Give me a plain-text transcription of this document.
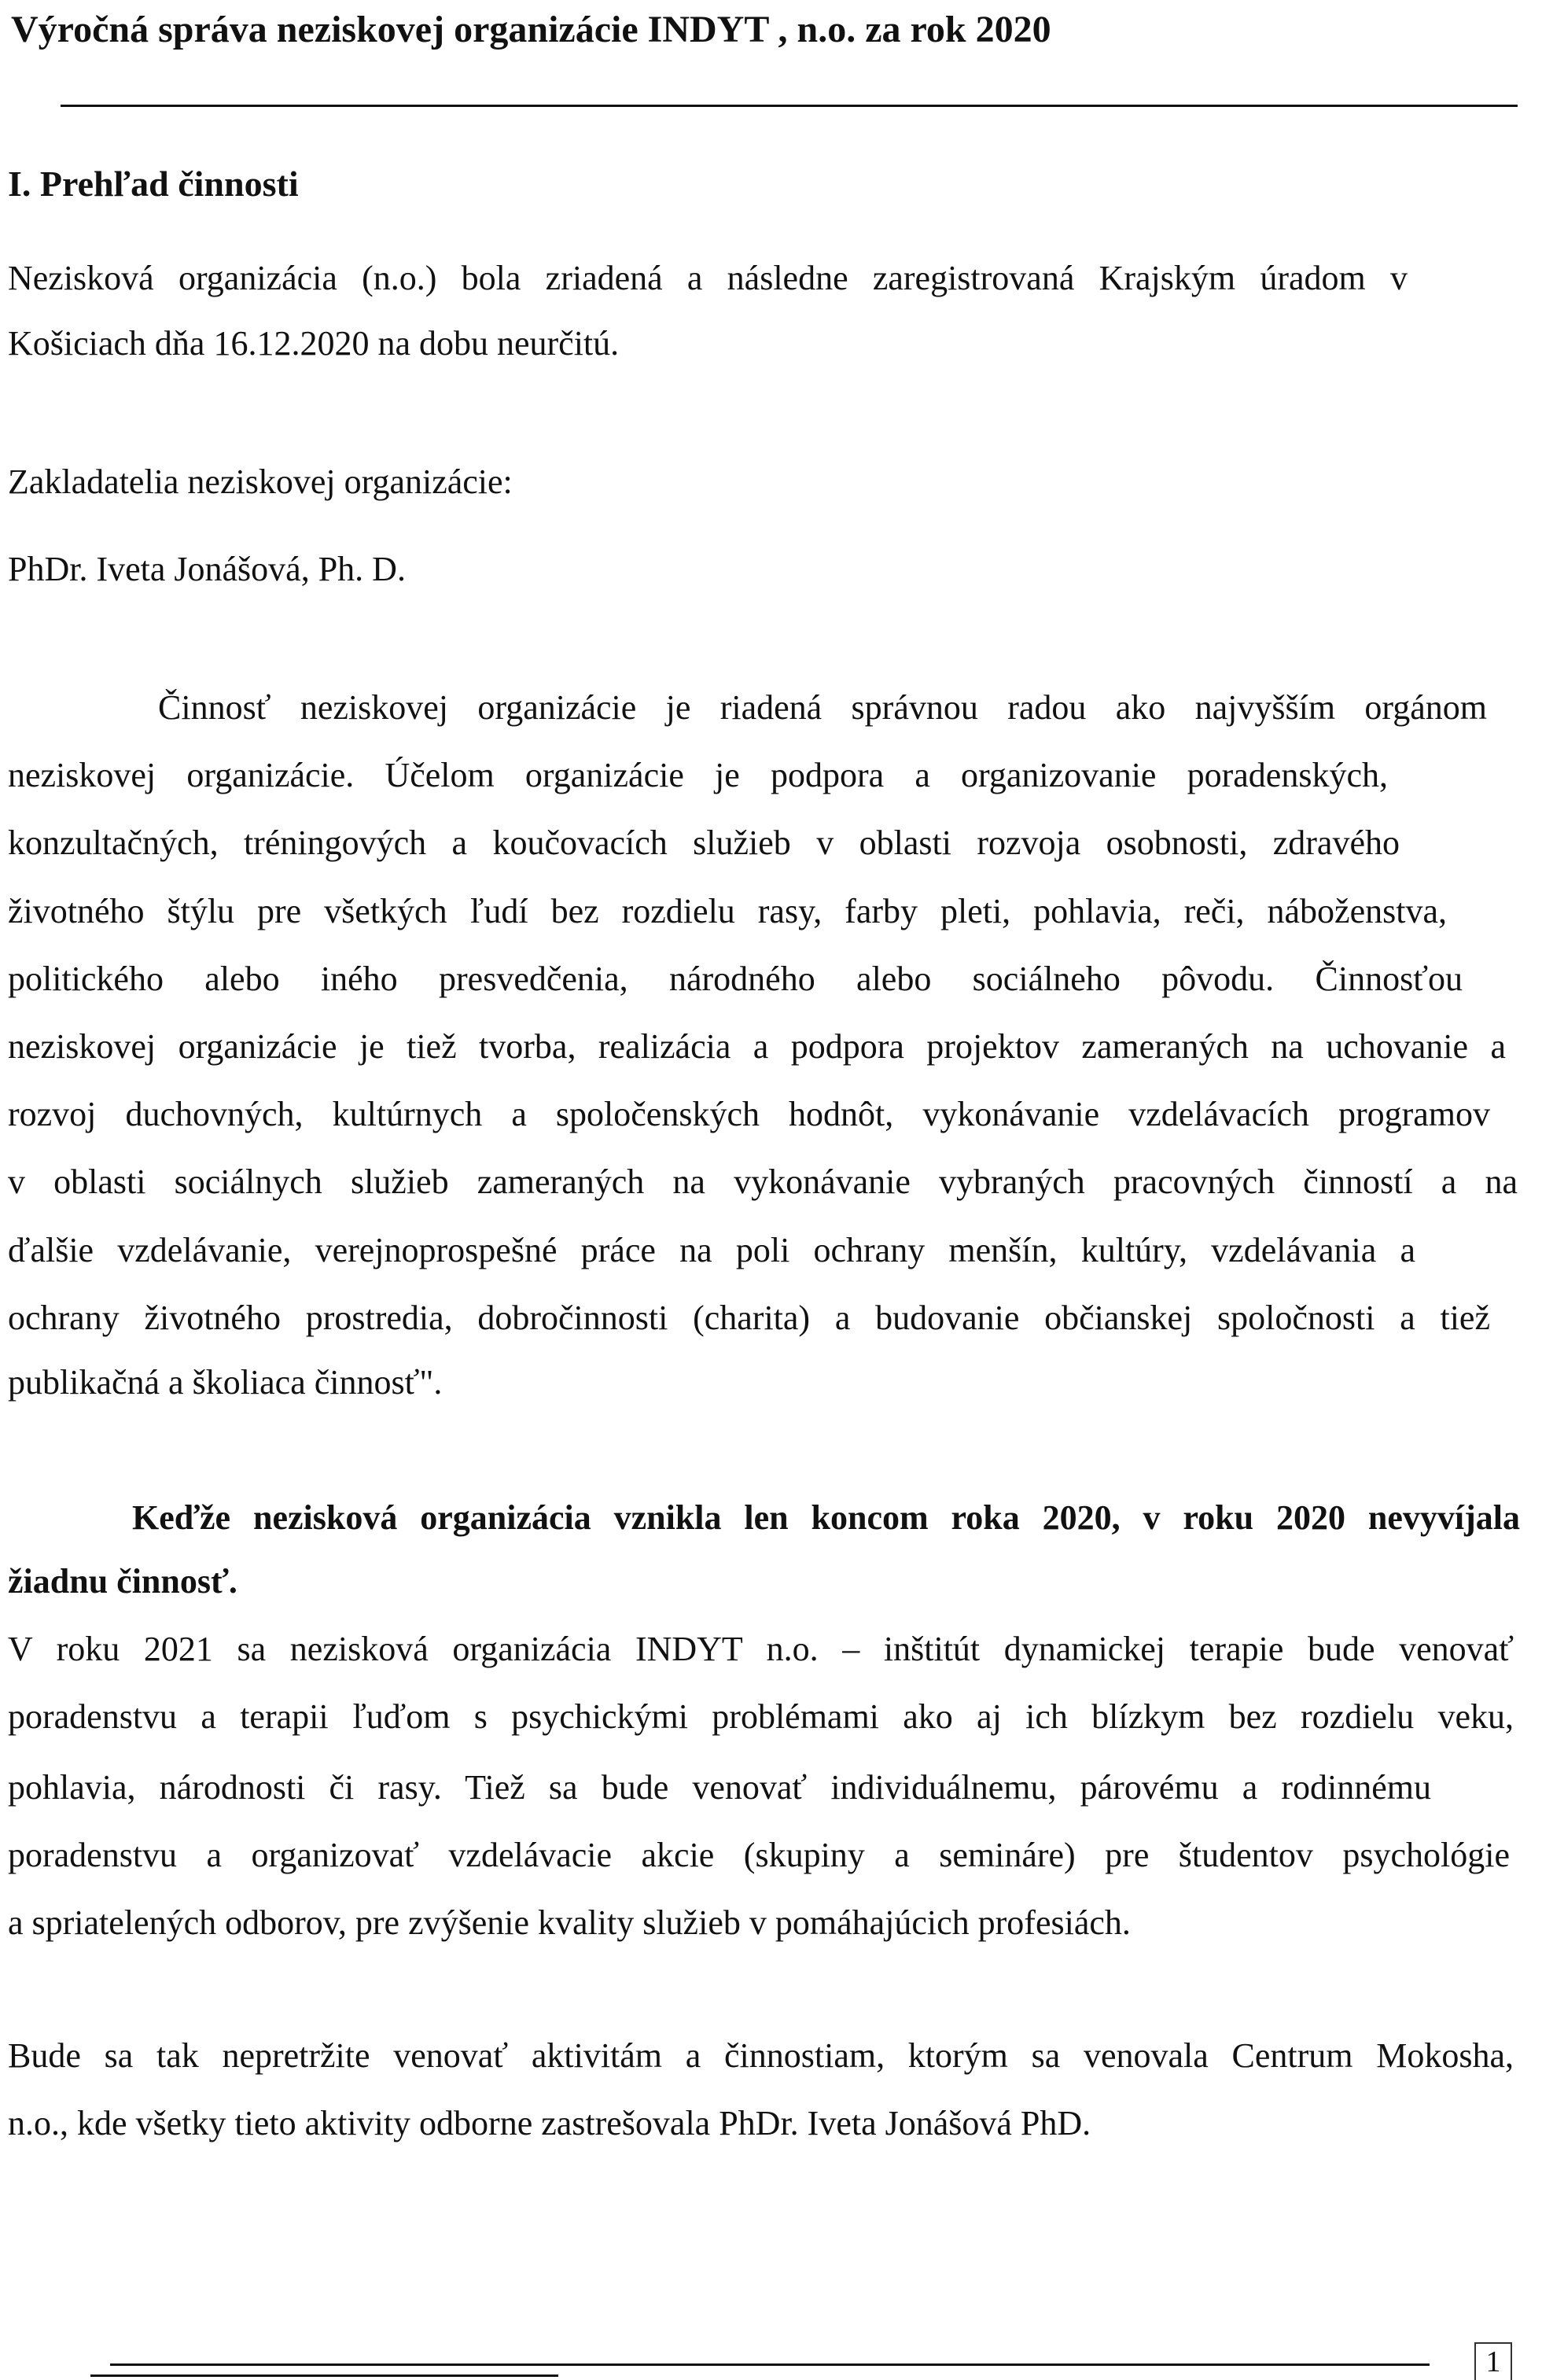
Výročná správa neziskovej organizácie INDYT , n.o. za rok 2020
I. Prehľad činnosti
Nezisková organizácia (n.o.) bola zriadená a následne zaregistrovaná Krajským úradom v
Košiciach dňa 16.12.2020 na dobu neurčitú.
Zakladatelia neziskovej organizácie:
PhDr. Iveta Jonášová, Ph. D.
Činnosť neziskovej organizácie je riadená správnou radou ako najvyšším orgánom
neziskovej organizácie. Účelom organizácie je podpora a organizovanie poradenských,
konzultačných, tréningových a koučovacích služieb v oblasti rozvoja osobnosti, zdravého
životného štýlu pre všetkých ľudí bez rozdielu rasy, farby pleti, pohlavia, reči, náboženstva,
politického alebo iného presvedčenia, národného alebo sociálneho pôvodu. Činnosťou
neziskovej organizácie je tiež tvorba, realizácia a podpora projektov zameraných na uchovanie a
rozvoj duchovných, kultúrnych a spoločenských hodnôt, vykonávanie vzdelávacích programov
v oblasti sociálnych služieb zameraných na vykonávanie vybraných pracovných činností a na
ďalšie vzdelávanie, verejnoprospešné práce na poli ochrany menšín, kultúry, vzdelávania a
ochrany životného prostredia, dobročinnosti (charita) a budovanie občianskej spoločnosti a tiež
publikačná a školiaca činnosť".
Keďže nezisková organizácia vznikla len koncom roka 2020, v roku 2020 nevyvíjala
žiadnu činnosť.
V roku 2021 sa nezisková organizácia INDYT n.o. – inštitút dynamickej terapie bude venovať
poradenstvu a terapii ľuďom s psychickými problémami ako aj ich blízkym bez rozdielu veku,
pohlavia, národnosti či rasy. Tiež sa bude venovať individuálnemu, párovému a rodinnému
poradenstvu a organizovať vzdelávacie akcie (skupiny a semináre) pre študentov psychológie
a spriatelených odborov, pre zvýšenie kvality služieb v pomáhajúcich profesiách.
Bude sa tak nepretržite venovať aktivitám a činnostiam, ktorým sa venovala Centrum Mokosha,
n.o., kde všetky tieto aktivity odborne zastrešovala PhDr. Iveta Jonášová PhD.
1
